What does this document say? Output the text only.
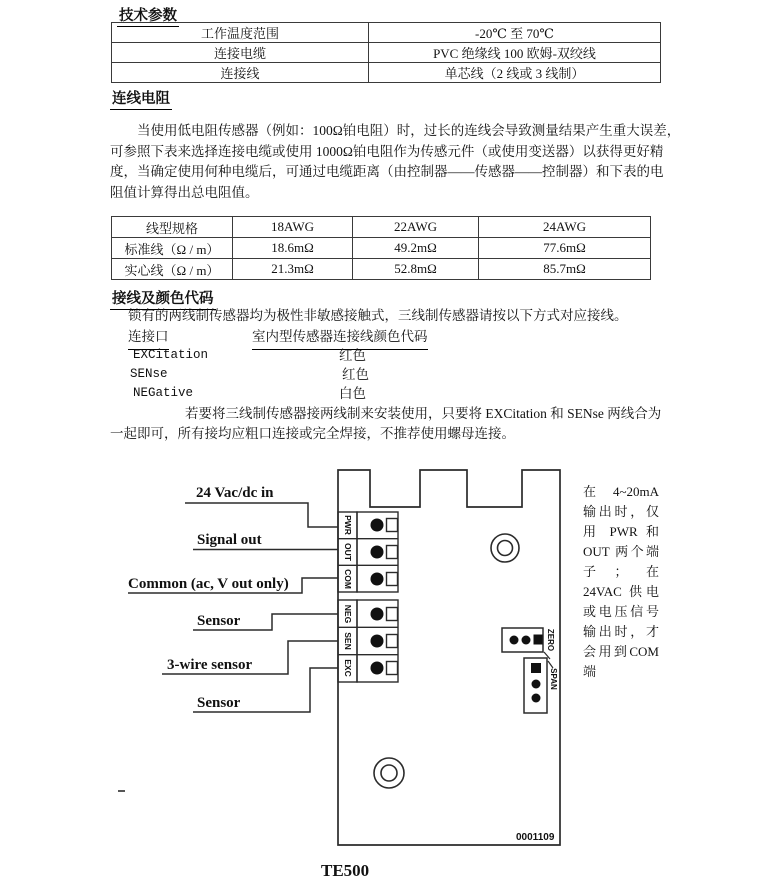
技术参数
工作温度范围	-20℃ 至 70℃
连接电缆	PVC 绝缘线 100 欧姆-双绞线
连接线	单芯线（2 线或 3 线制）
连线电阻
当使用低电阻传感器（例如：100Ω铂电阻）时，过长的连线会导致测量结果产生重大误差，
可参照下表来选择连接电缆或使用 1000Ω铂电阻作为传感元件（或使用变送器）以获得更好精
度，当确定使用何种电缆后，可通过电缆距离（由控制器——传感器——控制器）和下表的电
阻值计算得出总电阻值。
线型规格	18AWG	22AWG	24AWG
标准线（Ω / m）	18.6mΩ	49.2mΩ	77.6mΩ
实心线（Ω / m）	21.3mΩ	52.8mΩ	85.7mΩ
接线及颜色代码
锁有的两线制传感器均为极性非敏感接触式，三线制传感器请按以下方式对应接线。
连接口	室内型传感器连接线颜色代码
EXCitation	红色
SENse	红色
NEGative	白色
若要将三线制传感器接两线制来安装使用，只要将 EXCitation 和 SENse 两线合为
一起即可，所有接均应粗口连接或完全焊接，不推荐使用螺母连接。
在 4~20mA
输出时，仅
用 PWR 和
OUT 两个端
子；在
24VAC 供电
或电压信号
输出时，才
会用到COM
端
24 Vac/dc in
Signal out
Common (ac, V out only)
Sensor
3-wire sensor
Sensor
PWR
OUT
COM
NEG
SEN
EXC
ZERO
SPAN
0001109
TE500
